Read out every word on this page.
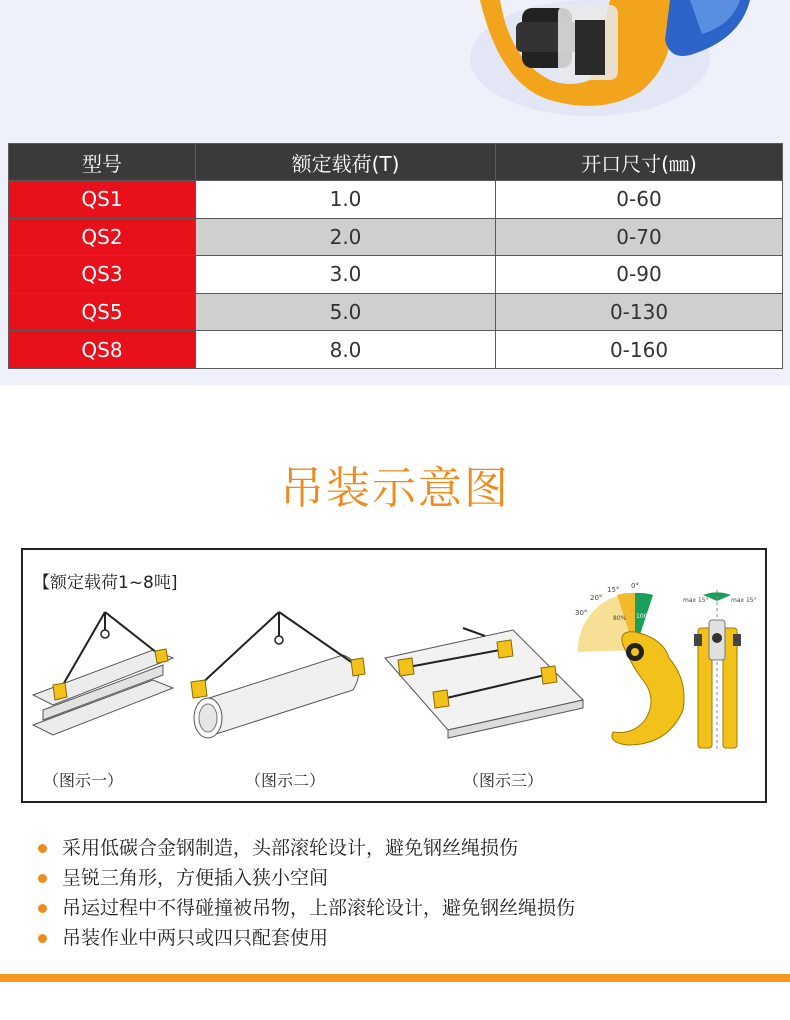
型号	额定载荷(T)	开口尺寸(㎜)
QS1	1.0	0-60
QS2	2.0	0-70
QS3	3.0	0-90
QS5	5.0	0-130
QS8	8.0	0-160
吊装示意图
【额定载荷1~8吨]	0°
15°
20°
30°	100%
80%
max 15°	max 15°
（图示一）	（图示二）	（图示三）
采用低碳合金钢制造，头部滚轮设计，避免钢丝绳损伤
呈锐三角形，方便插入狭小空间
吊运过程中不得碰撞被吊物，上部滚轮设计，避免钢丝绳损伤
吊装作业中两只或四只配套使用
